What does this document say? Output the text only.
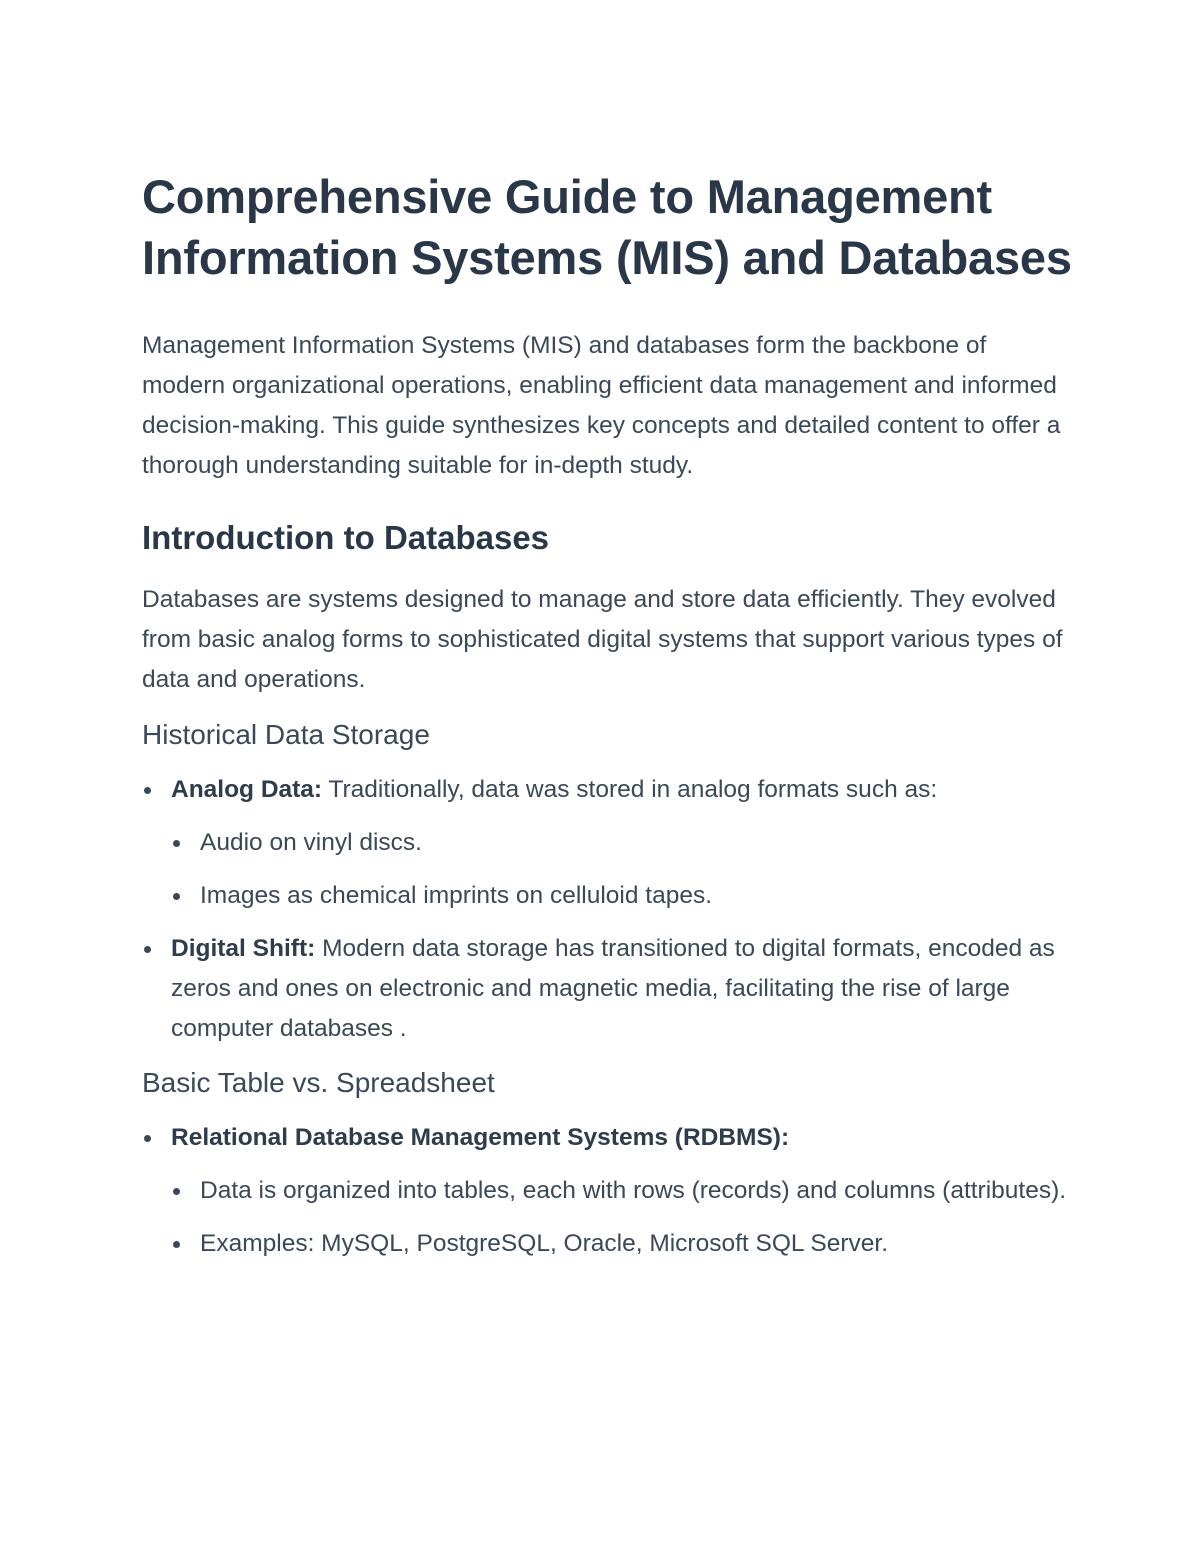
Comprehensive Guide to Management Information Systems (MIS) and Databases

Management Information Systems (MIS) and databases form the backbone of modern organizational operations, enabling efficient data management and informed decision-making. This guide synthesizes key concepts and detailed content to offer a thorough understanding suitable for in-depth study.

Introduction to Databases

Databases are systems designed to manage and store data efficiently. They evolved from basic analog forms to sophisticated digital systems that support various types of data and operations.

Historical Data Storage
Analog Data: Traditionally, data was stored in analog formats such as:
Audio on vinyl discs.
Images as chemical imprints on celluloid tapes.
Digital Shift: Modern data storage has transitioned to digital formats, encoded as zeros and ones on electronic and magnetic media, facilitating the rise of large computer databases .
Basic Table vs. Spreadsheet
Relational Database Management Systems (RDBMS):
Data is organized into tables, each with rows (records) and columns (attributes).
Examples: MySQL, PostgreSQL, Oracle, Microsoft SQL Server.
